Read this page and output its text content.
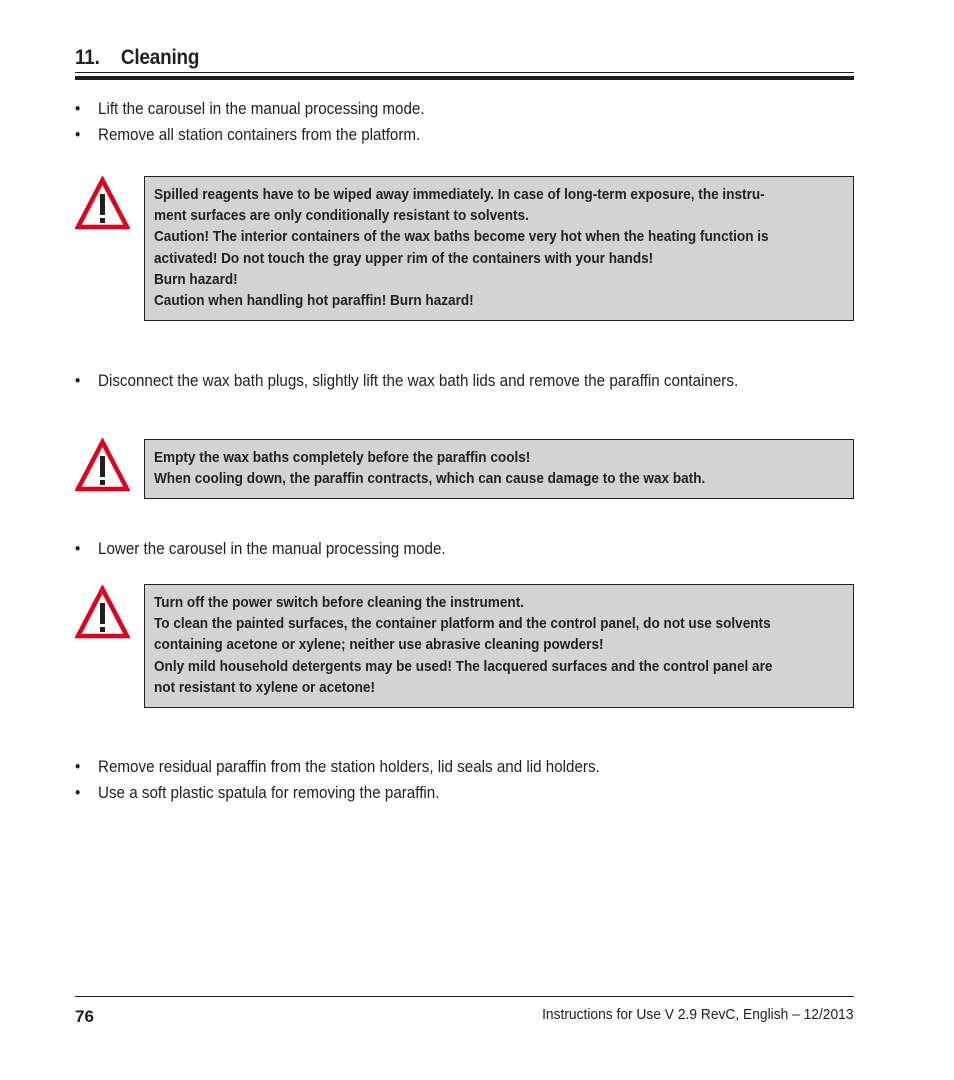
11. Cleaning
• Lift the carousel in the manual processing mode.
• Remove all station containers from the platform.
Spilled reagents have to be wiped away immediately. In case of long-term exposure, the instru-
ment surfaces are only conditionally resistant to solvents.
Caution! The interior containers of the wax baths become very hot when the heating function is
activated! Do not touch the gray upper rim of the containers with your hands!
Burn hazard!
Caution when handling hot paraffin! Burn hazard!
• Disconnect the wax bath plugs, slightly lift the wax bath lids and remove the paraffin containers.
Empty the wax baths completely before the paraffin cools!
When cooling down, the paraffin contracts, which can cause damage to the wax bath.
• Lower the carousel in the manual processing mode.
Turn off the power switch before cleaning the instrument.
To clean the painted surfaces, the container platform and the control panel, do not use solvents
containing acetone or xylene; neither use abrasive cleaning powders!
Only mild household detergents may be used! The lacquered surfaces and the control panel are
not resistant to xylene or acetone!
• Remove residual paraffin from the station holders, lid seals and lid holders.
• Use a soft plastic spatula for removing the paraffin.
76	Instructions for Use V 2.9 RevC, English – 12/2013
